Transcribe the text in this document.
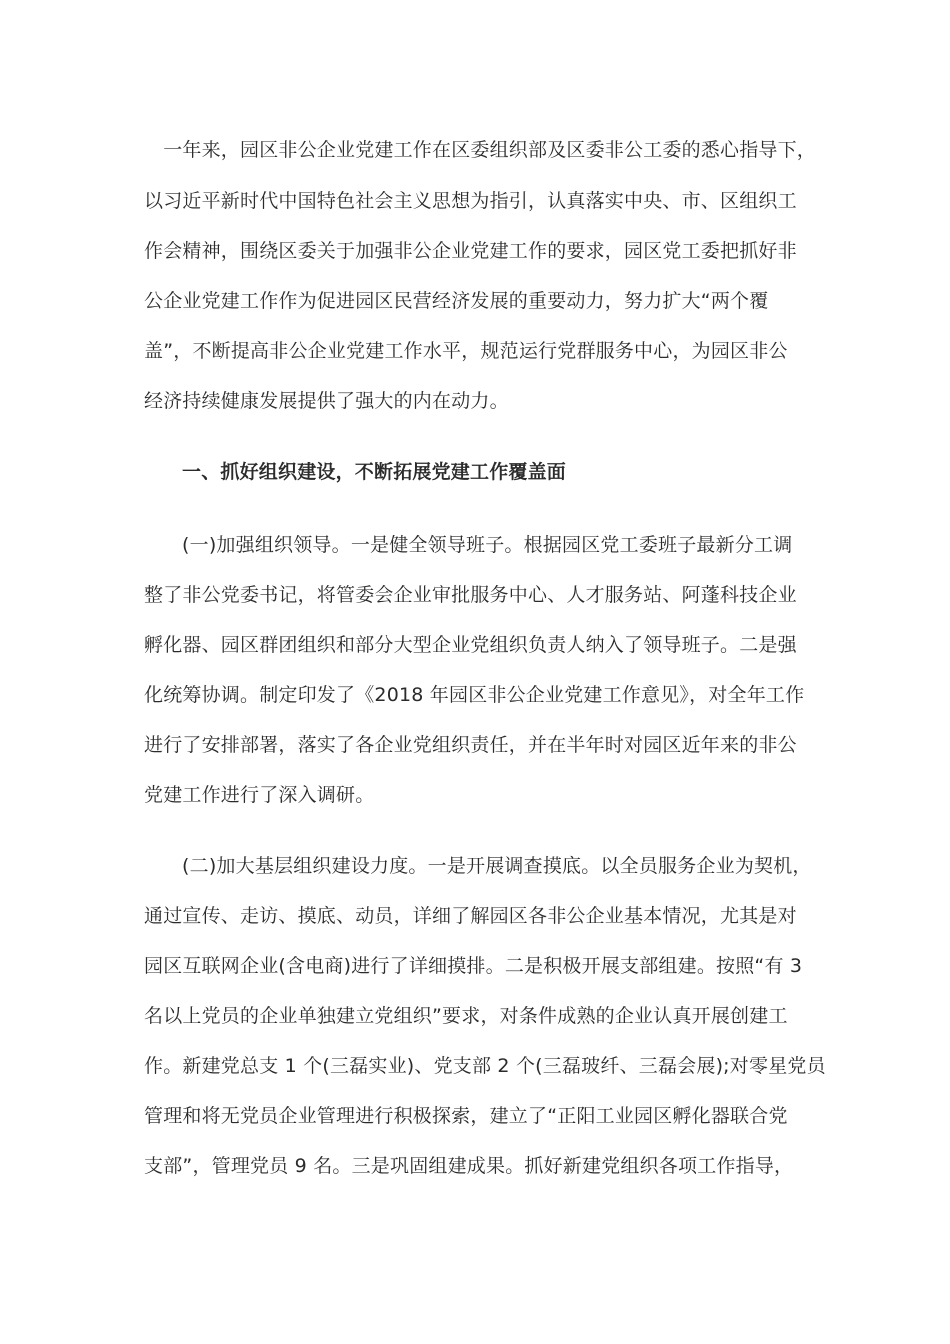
　一年来，园区非公企业党建工作在区委组织部及区委非公工委的悉心指导下，
以习近平新时代中国特色社会主义思想为指引，认真落实中央、市、区组织工
作会精神，围绕区委关于加强非公企业党建工作的要求，园区党工委把抓好非
公企业党建工作作为促进园区民营经济发展的重要动力，努力扩大“两个覆
盖”，不断提高非公企业党建工作水平，规范运行党群服务中心，为园区非公
经济持续健康发展提供了强大的内在动力。
一、抓好组织建设，不断拓展党建工作覆盖面
(一)加强组织领导。一是健全领导班子。根据园区党工委班子最新分工调
整了非公党委书记，将管委会企业审批服务中心、人才服务站、阿蓬科技企业
孵化器、园区群团组织和部分大型企业党组织负责人纳入了领导班子。二是强
化统筹协调。制定印发了《2018 年园区非公企业党建工作意见》，对全年工作
进行了安排部署，落实了各企业党组织责任，并在半年时对园区近年来的非公
党建工作进行了深入调研。
(二)加大基层组织建设力度。一是开展调查摸底。以全员服务企业为契机，
通过宣传、走访、摸底、动员，详细了解园区各非公企业基本情况，尤其是对
园区互联网企业(含电商)进行了详细摸排。二是积极开展支部组建。按照“有 3
名以上党员的企业单独建立党组织”要求，对条件成熟的企业认真开展创建工
作。新建党总支 1 个(三磊实业)、党支部 2 个(三磊玻纤、三磊会展);对零星党员
管理和将无党员企业管理进行积极探索，建立了“正阳工业园区孵化器联合党
支部”，管理党员 9 名。三是巩固组建成果。抓好新建党组织各项工作指导，
